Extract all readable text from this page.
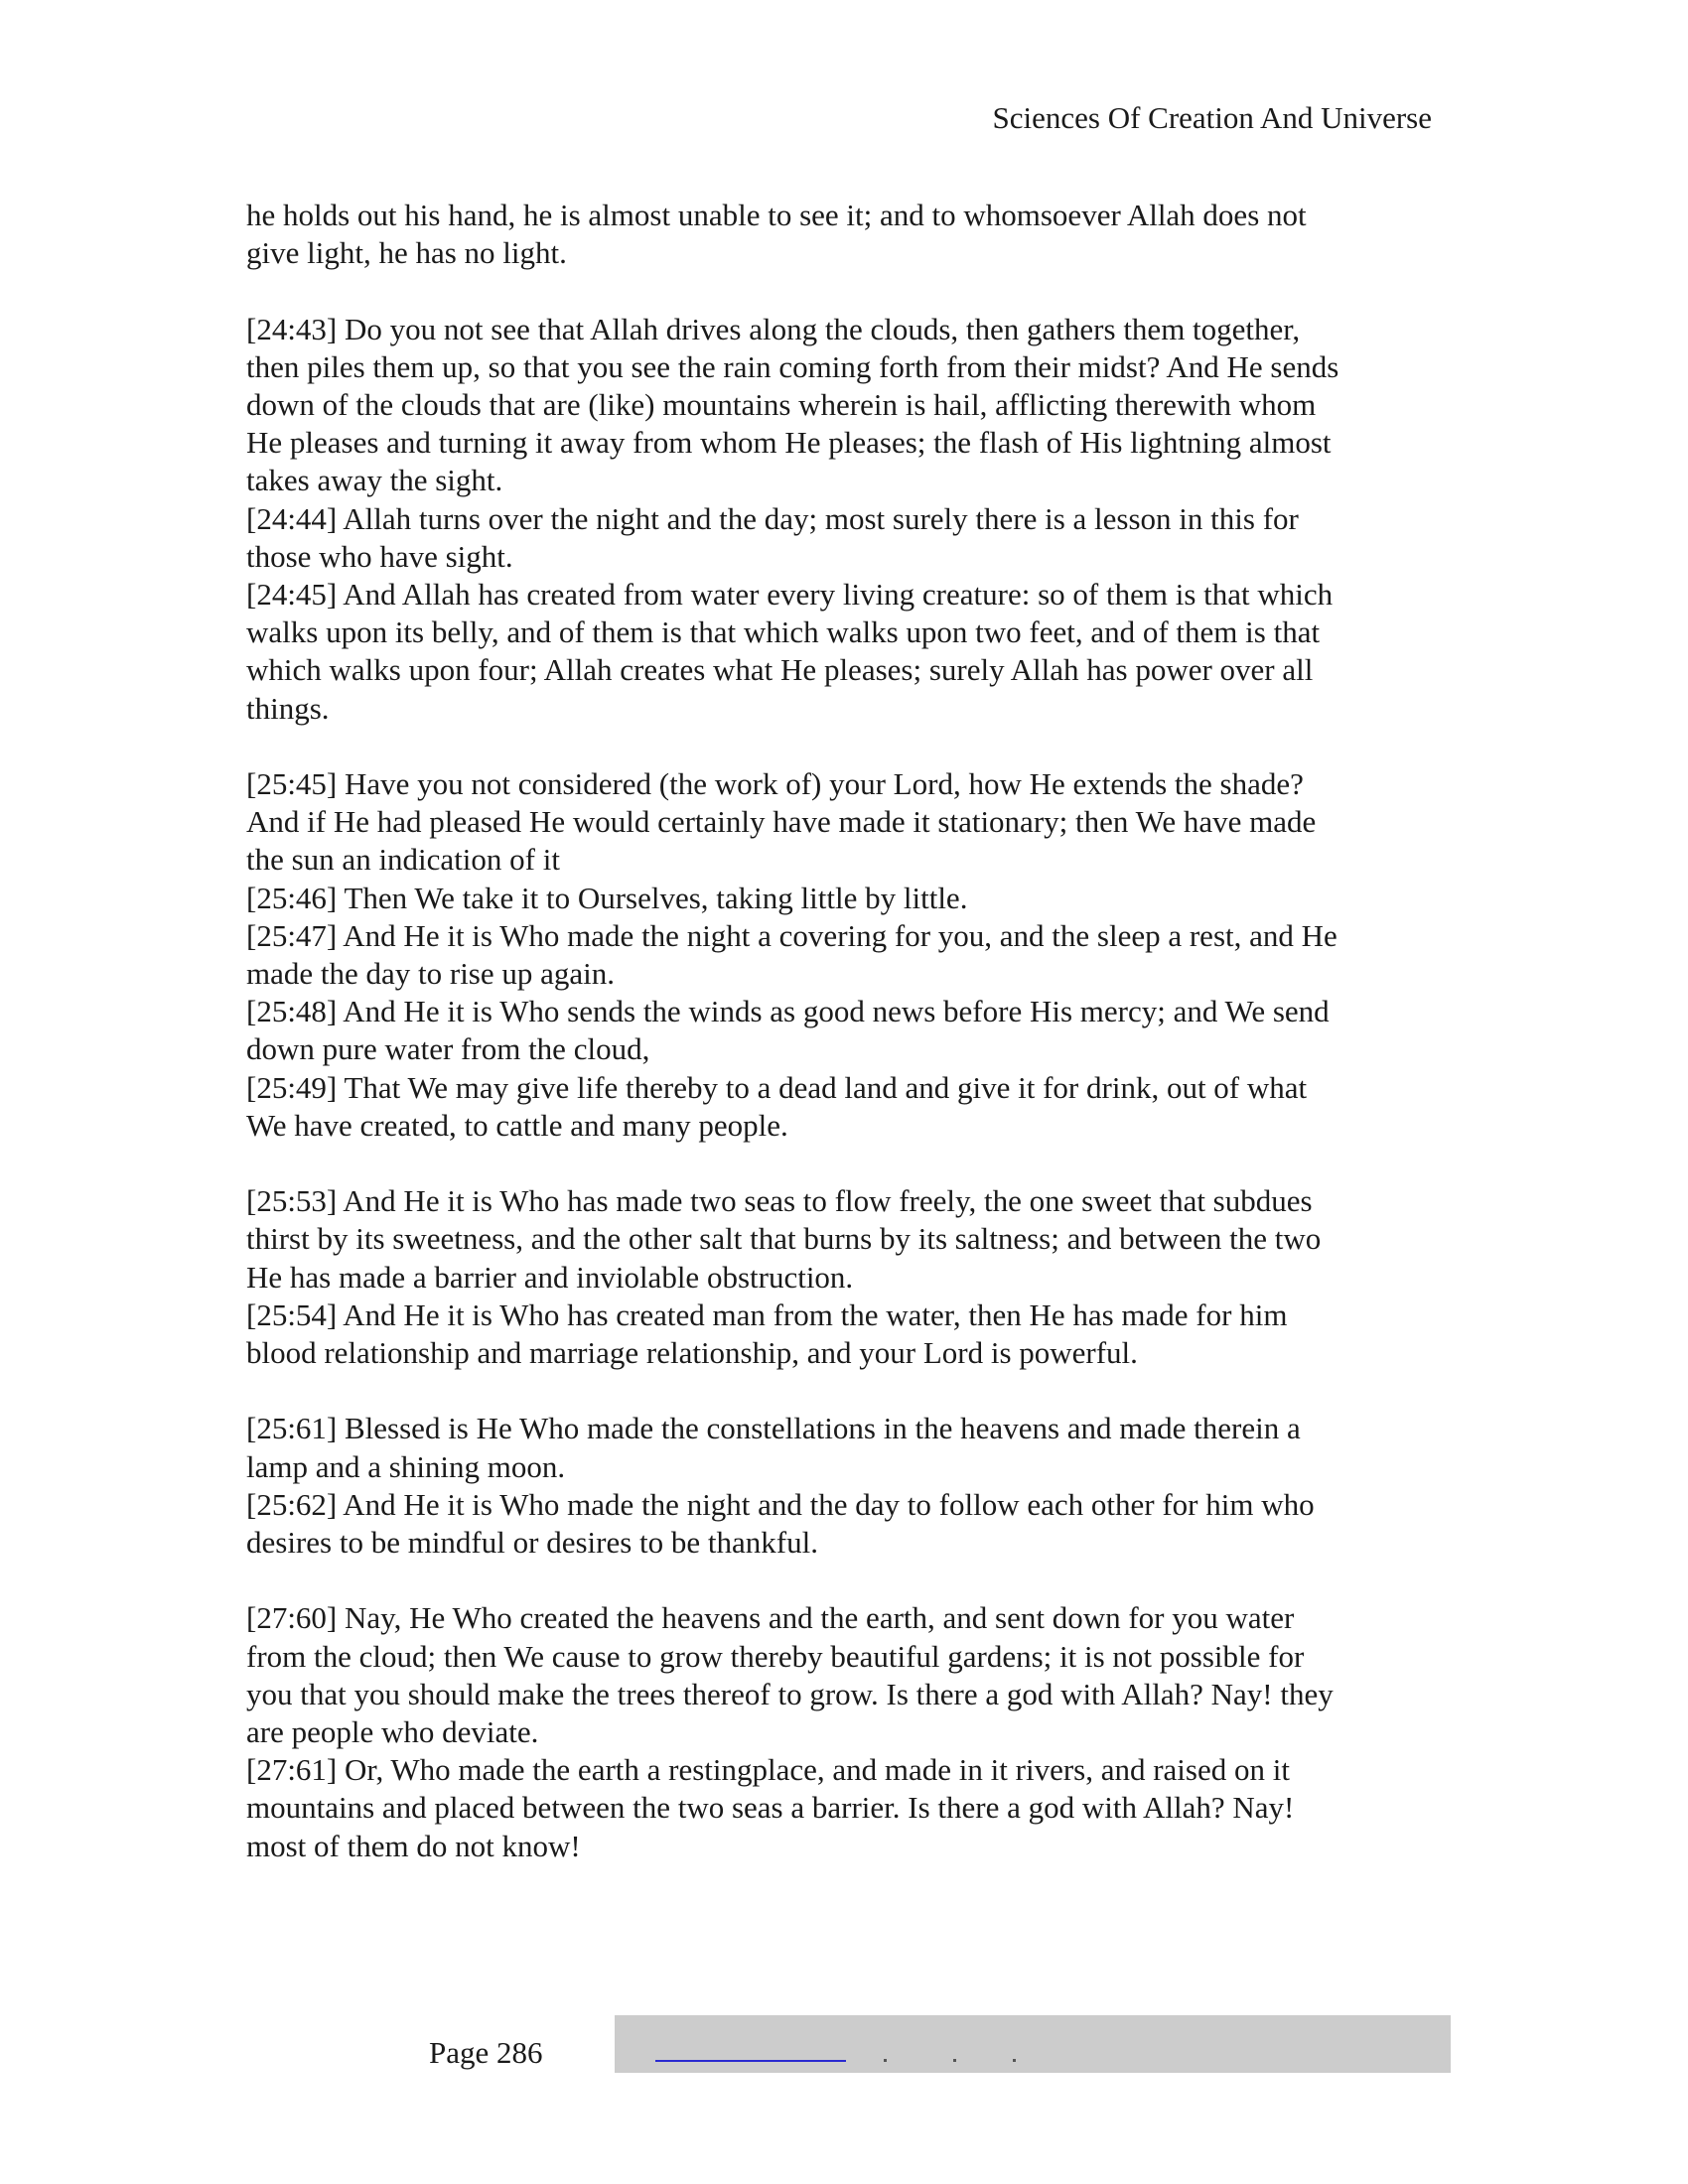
Sciences Of Creation And Universe

he holds out his hand, he is almost unable to see it; and to whomsoever Allah does not
give light, he has no light.

[24:43] Do you not see that Allah drives along the clouds, then gathers them together,
then piles them up, so that you see the rain coming forth from their midst? And He sends
down of the clouds that are (like) mountains wherein is hail, afflicting therewith whom
He pleases and turning it away from whom He pleases; the flash of His lightning almost
takes away the sight.

[24:44] Allah turns over the night and the day; most surely there is a lesson in this for
those who have sight.

[24:45] And Allah has created from water every living creature: so of them is that which
walks upon its belly, and of them is that which walks upon two feet, and of them is that
which walks upon four; Allah creates what He pleases; surely Allah has power over all
things.

[25:45] Have you not considered (the work of) your Lord, how He extends the shade?
And if He had pleased He would certainly have made it stationary; then We have made
the sun an indication of it

[25:46] Then We take it to Ourselves, taking little by little.

[25:47] And He it is Who made the night a covering for you, and the sleep a rest, and He
made the day to rise up again.

[25:48] And He it is Who sends the winds as good news before His mercy; and We send
down pure water from the cloud,

[25:49] That We may give life thereby to a dead land and give it for drink, out of what
We have created, to cattle and many people.

[25:53] And He it is Who has made two seas to flow freely, the one sweet that subdues
thirst by its sweetness, and the other salt that burns by its saltness; and between the two
He has made a barrier and inviolable obstruction.

[25:54] And He it is Who has created man from the water, then He has made for him
blood relationship and marriage relationship, and your Lord is powerful.

[25:61] Blessed is He Who made the constellations in the heavens and made therein a
lamp and a shining moon.

[25:62] And He it is Who made the night and the day to follow each other for him who
desires to be mindful or desires to be thankful.

[27:60] Nay, He Who created the heavens and the earth, and sent down for you water
from the cloud; then We cause to grow thereby beautiful gardens; it is not possible for
you that you should make the trees thereof to grow. Is there a god with Allah? Nay! they
are people who deviate.

[27:61] Or, Who made the earth a restingplace, and made in it rivers, and raised on it
mountains and placed between the two seas a barrier. Is there a god with Allah? Nay!
most of them do not know!

Page 286
